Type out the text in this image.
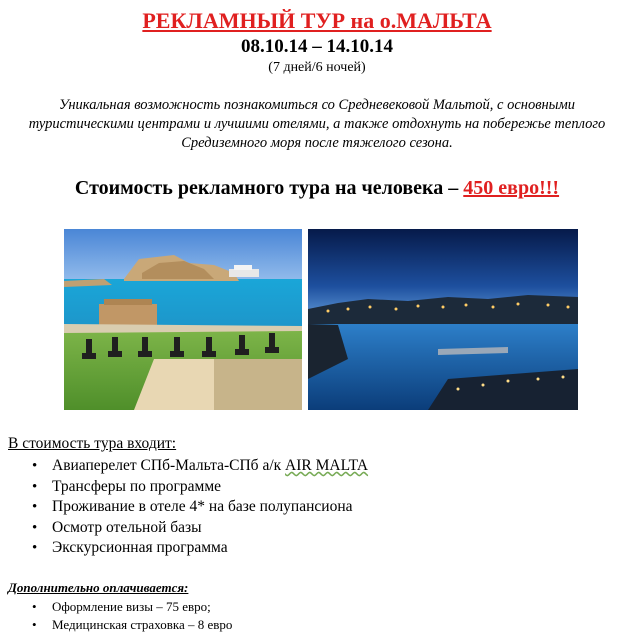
РЕКЛАМНЫЙ ТУР на о.МАЛЬТА
08.10.14 – 14.10.14
(7 дней/6 ночей)
Уникальная возможность познакомиться со Средневековой Мальтой, с основными туристическими центрами и лучшими отелями, а также отдохнуть на побережье теплого Средиземного моря после тяжелого сезона.
Стоимость рекламного тура на человека – 450 евро!!!
В стоимость тура входит:
• Авиаперелет СПб-Мальта-СПб а/к AIR MALTA
• Трансферы по программе
• Проживание в отеле 4* на базе полупансиона
• Осмотр отельной базы
• Экскурсионная программа
Дополнительно оплачивается:
• Оформление визы – 75 евро;
• Медицинская страховка – 8 евро
